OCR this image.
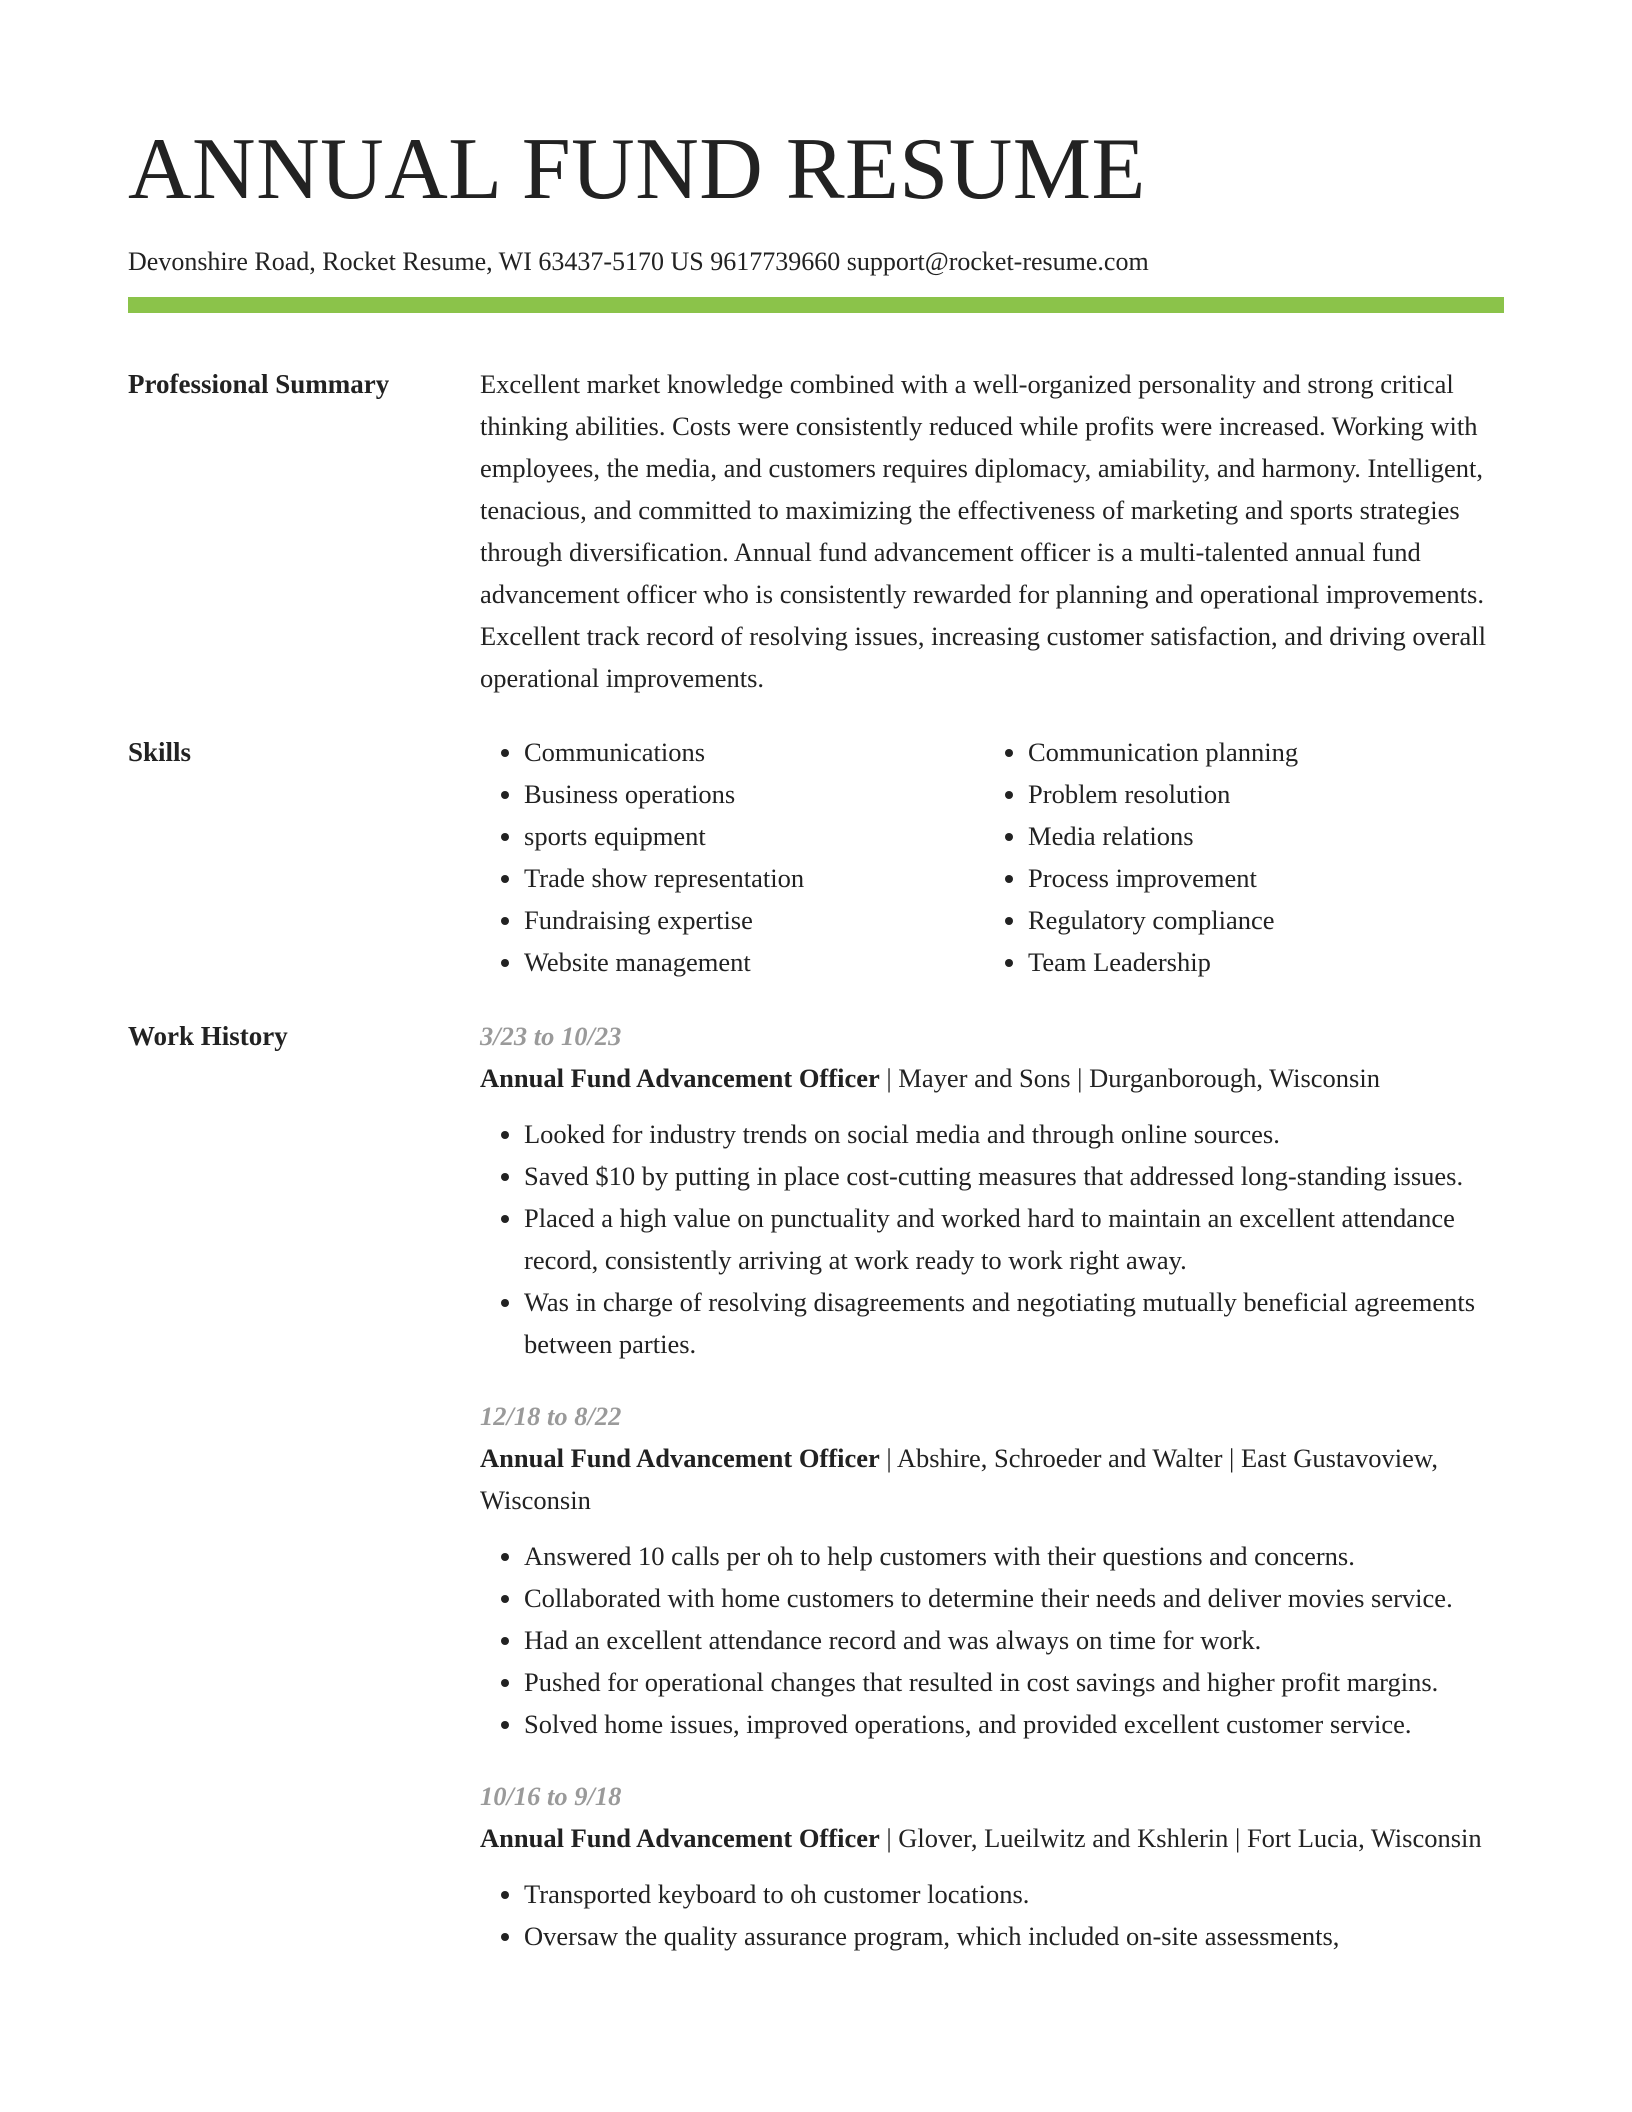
ANNUAL FUND RESUME
Devonshire Road, Rocket Resume, WI 63437-5170 US 9617739660 support@rocket-resume.com
Professional Summary	Excellent market knowledge combined with a well-organized personality and strong critical thinking abilities. Costs were consistently reduced while profits were increased. Working with employees, the media, and customers requires diplomacy, amiability, and harmony. Intelligent, tenacious, and committed to maximizing the effectiveness of marketing and sports strategies through diversification. Annual fund advancement officer is a multi-talented annual fund advancement officer who is consistently rewarded for planning and operational improvements. Excellent track record of resolving issues, increasing customer satisfaction, and driving overall operational improvements.

Skills
•	Communications
• Business operations
• sports equipment
• Trade show representation
• Fundraising expertise
• Website management
• Communication planning
• Problem resolution
• Media relations
• Process improvement
• Regulatory compliance
• Team Leadership
Work History	3/23 to 10/23
Annual Fund Advancement Officer | Mayer and Sons | Durganborough, Wisconsin
• Looked for industry trends on social media and through online sources.
• Saved $10 by putting in place cost-cutting measures that addressed long-standing issues.
• Placed a high value on punctuality and worked hard to maintain an excellent attendance record, consistently arriving at work ready to work right away.
• Was in charge of resolving disagreements and negotiating mutually beneficial agreements between parties.
12/18 to 8/22
Annual Fund Advancement Officer | Abshire, Schroeder and Walter | East Gustavoview, Wisconsin
• Answered 10 calls per oh to help customers with their questions and concerns.
• Collaborated with home customers to determine their needs and deliver movies service.
• Had an excellent attendance record and was always on time for work.
• Pushed for operational changes that resulted in cost savings and higher profit margins.
• Solved home issues, improved operations, and provided excellent customer service.
10/16 to 9/18
Annual Fund Advancement Officer | Glover, Lueilwitz and Kshlerin | Fort Lucia, Wisconsin
• Transported keyboard to oh customer locations.
• Oversaw the quality assurance program, which included on-site assessments,
